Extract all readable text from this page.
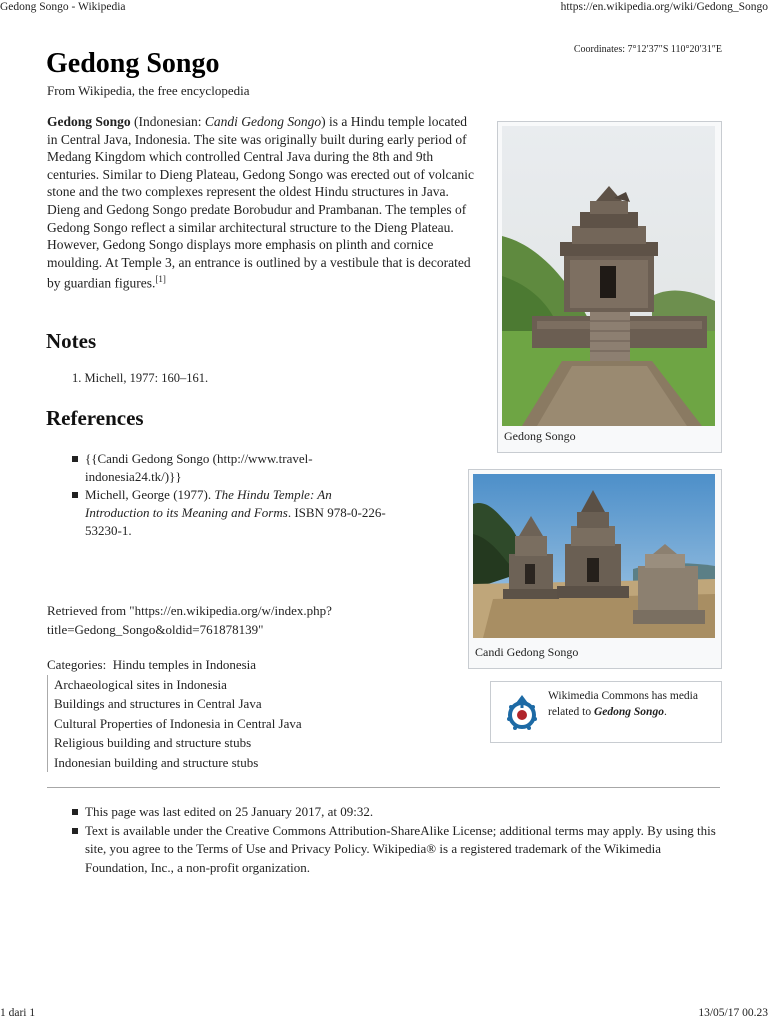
Gedong Songo - Wikipedia	https://en.wikipedia.org/wiki/Gedong_Songo
Coordinates: 7°12′37″S 110°20′31″E
Gedong Songo
From Wikipedia, the free encyclopedia
Gedong Songo (Indonesian: Candi Gedong Songo) is a Hindu temple located in Central Java, Indonesia. The site was originally built during early period of Medang Kingdom which controlled Central Java during the 8th and 9th centuries. Similar to Dieng Plateau, Gedong Songo was erected out of volcanic stone and the two complexes represent the oldest Hindu structures in Java. Dieng and Gedong Songo predate Borobudur and Prambanan. The temples of Gedong Songo reflect a similar architectural structure to the Dieng Plateau. However, Gedong Songo displays more emphasis on plinth and cornice moulding. At Temple 3, an entrance is outlined by a vestibule that is decorated by guardian figures.[1]
Notes
1. Michell, 1977: 160–161.
References
{{Candi Gedong Songo (http://www.travel-indonesia24.tk/)}}
Michell, George (1977). The Hindu Temple: An Introduction to its Meaning and Forms. ISBN 978-0-226-53230-1.
Retrieved from "https://en.wikipedia.org/w/index.php?title=Gedong_Songo&oldid=761878139"
Categories: Hindu temples in Indonesia
Archaeological sites in Indonesia
Buildings and structures in Central Java
Cultural Properties of Indonesia in Central Java
Religious building and structure stubs
Indonesian building and structure stubs
Gedong Songo
Candi Gedong Songo
Wikimedia Commons has media related to Gedong Songo.
This page was last edited on 25 January 2017, at 09:32.
Text is available under the Creative Commons Attribution-ShareAlike License; additional terms may apply. By using this site, you agree to the Terms of Use and Privacy Policy. Wikipedia® is a registered trademark of the Wikimedia Foundation, Inc., a non-profit organization.
1 dari 1	13/05/17 00.23
